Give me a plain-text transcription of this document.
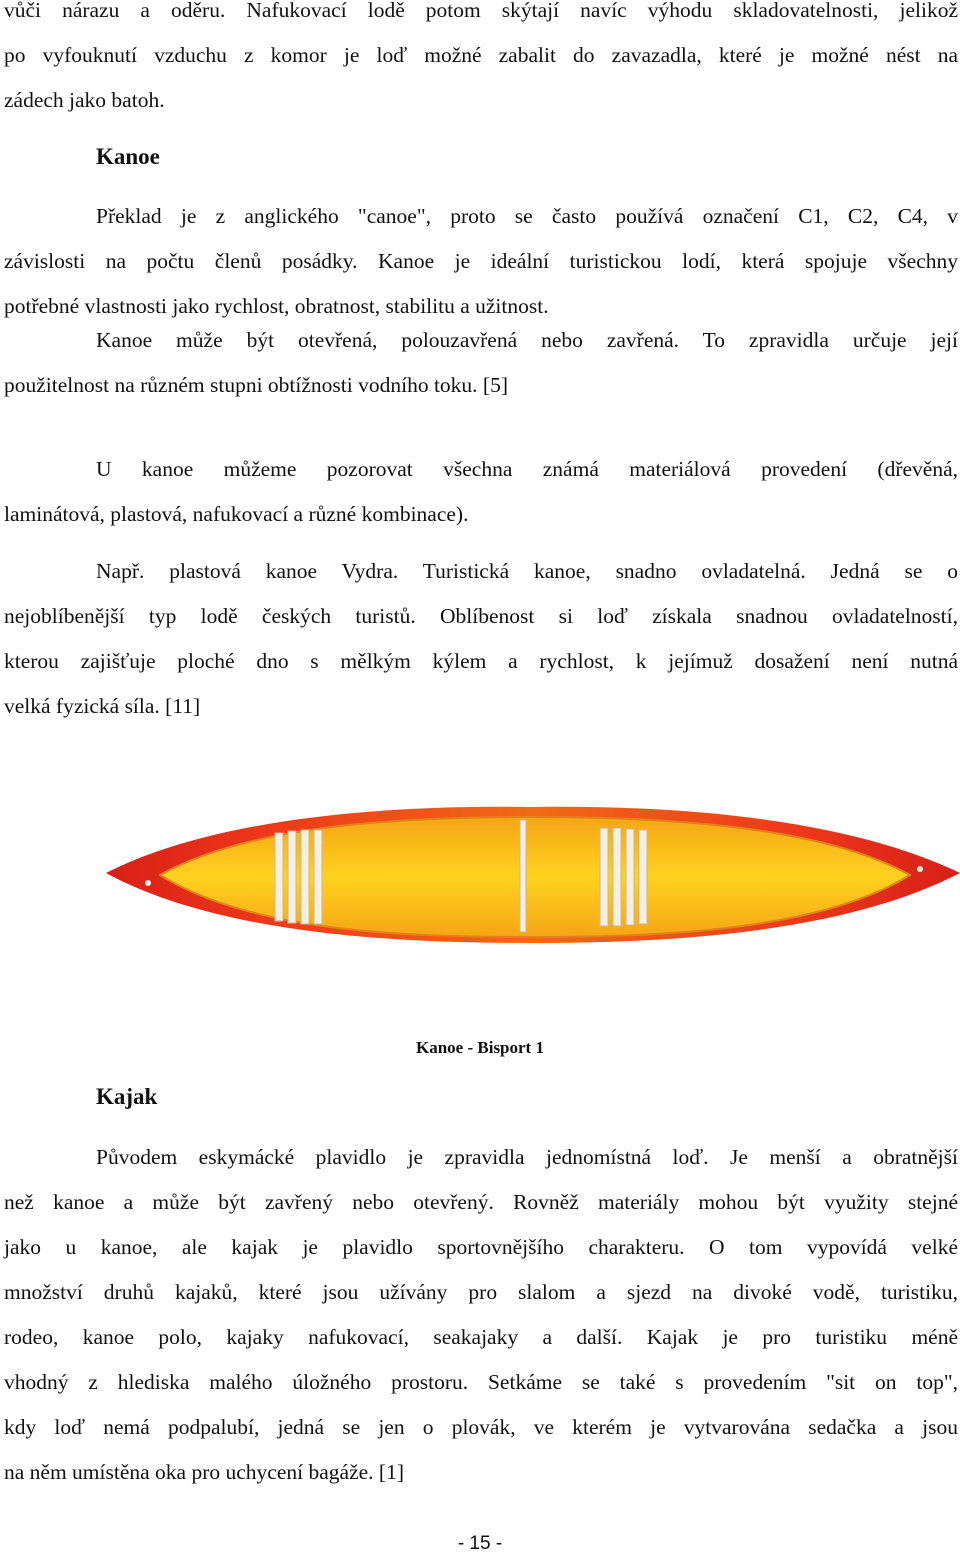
vůči nárazu a oděru. Nafukovací lodě potom skýtají navíc výhodu skladovatelnosti, jelikož
po vyfouknutí vzduchu z komor je loď možné zabalit do zavazadla, které je možné nést na
zádech jako batoh.
Kanoe
Překlad je z anglického "canoe", proto se často používá označení C1, C2, C4, v
závislosti na počtu členů posádky. Kanoe je ideální turistickou lodí, která spojuje všechny
potřebné vlastnosti jako rychlost, obratnost, stabilitu a užitnost.
Kanoe může být otevřená, polouzavřená nebo zavřená. To zpravidla určuje její
použitelnost na různém stupni obtížnosti vodního toku. [5]
U kanoe můžeme pozorovat všechna známá materiálová provedení (dřevěná,
laminátová, plastová, nafukovací a různé kombinace).
Např. plastová kanoe Vydra. Turistická kanoe, snadno ovladatelná. Jedná se o
nejoblíbenější typ lodě českých turistů. Oblíbenost si loď získala snadnou ovladatelností,
kterou zajišťuje ploché dno s mělkým kýlem a rychlost, k jejímuž dosažení není nutná
velká fyzická síla. [11]
Kanoe - Bisport 1
Kajak
Původem eskymácké plavidlo je zpravidla jednomístná loď. Je menší a obratnější
než kanoe a může být zavřený nebo otevřený. Rovněž materiály mohou být využity stejné
jako u kanoe, ale kajak je plavidlo sportovnějšího charakteru. O tom vypovídá velké
množství druhů kajaků, které jsou užívány pro slalom a sjezd na divoké vodě, turistiku,
rodeo, kanoe polo, kajaky nafukovací, seakajaky a další. Kajak je pro turistiku méně
vhodný z hlediska malého úložného prostoru. Setkáme se také s provedením "sit on top",
kdy loď nemá podpalubí, jedná se jen o plovák, ve kterém je vytvarována sedačka a jsou
na něm umístěna oka pro uchycení bagáže. [1]
- 15 -
